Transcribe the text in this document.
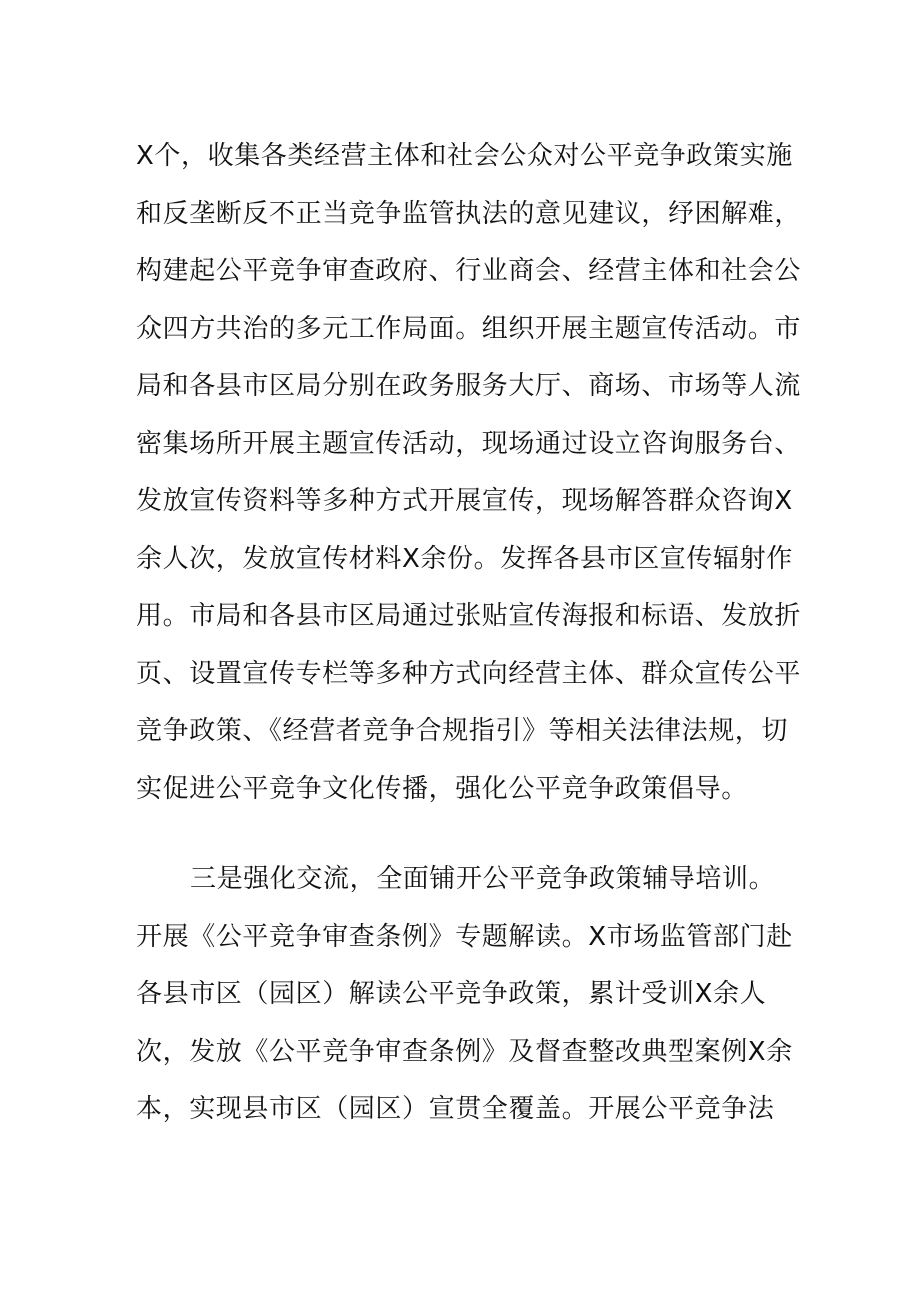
X个，收集各类经营主体和社会公众对公平竞争政策实施
和反垄断反不正当竞争监管执法的意见建议，纾困解难，
构建起公平竞争审查政府、行业商会、经营主体和社会公
众四方共治的多元工作局面。组织开展主题宣传活动。市
局和各县市区局分别在政务服务大厅、商场、市场等人流
密集场所开展主题宣传活动，现场通过设立咨询服务台、
发放宣传资料等多种方式开展宣传，现场解答群众咨询X
余人次，发放宣传材料X余份。发挥各县市区宣传辐射作
用。市局和各县市区局通过张贴宣传海报和标语、发放折
页、设置宣传专栏等多种方式向经营主体、群众宣传公平
竞争政策、《经营者竞争合规指引》等相关法律法规，切
实促进公平竞争文化传播，强化公平竞争政策倡导。
三是强化交流，全面铺开公平竞争政策辅导培训。
开展《公平竞争审查条例》专题解读。X市场监管部门赴
各县市区（园区）解读公平竞争政策，累计受训X余人
次，发放《公平竞争审查条例》及督查整改典型案例X余
本，实现县市区（园区）宣贯全覆盖。开展公平竞争法
